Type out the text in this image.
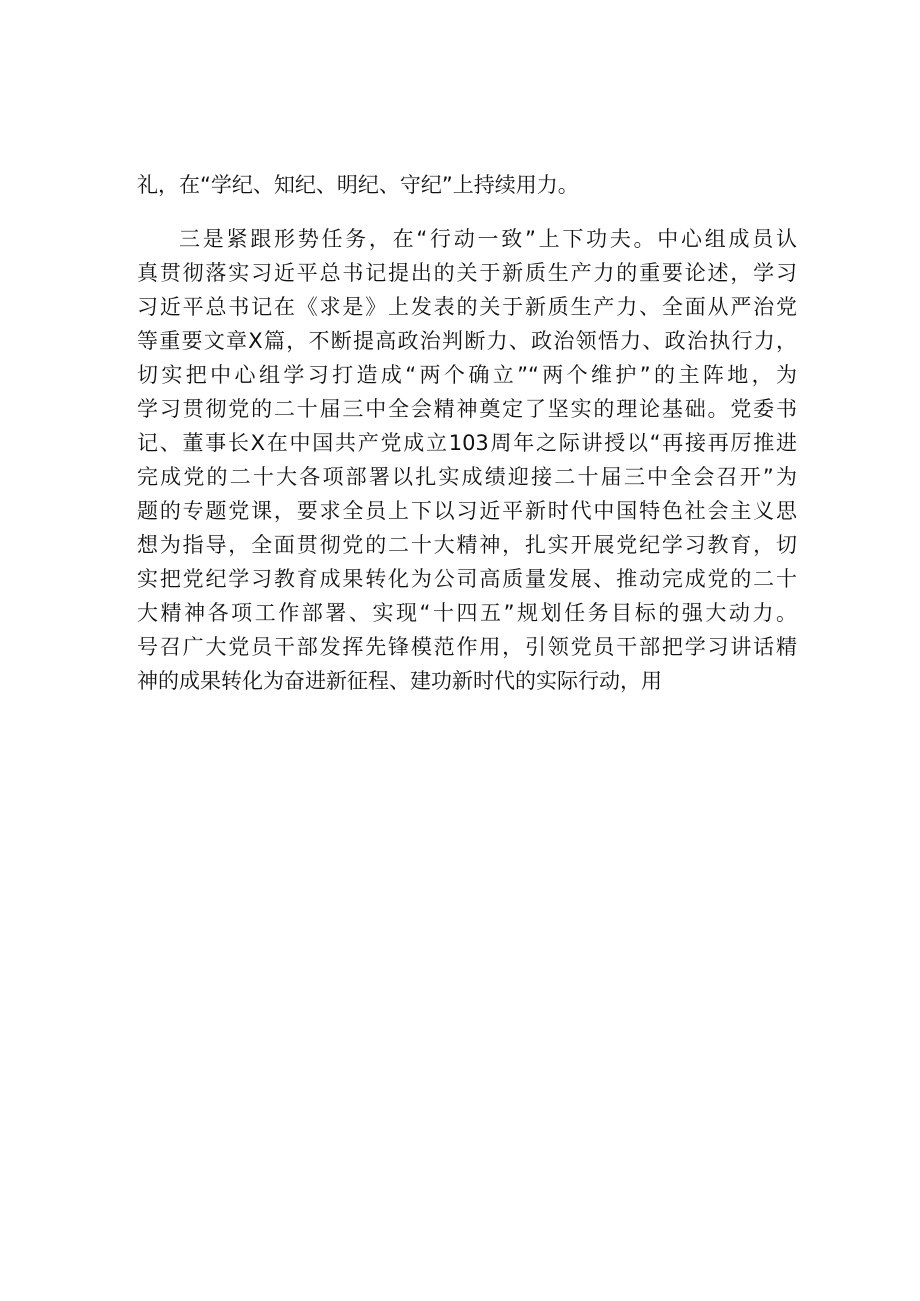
礼，在“学纪、知纪、明纪、守纪”上持续用力。
三是紧跟形势任务，在“行动一致”上下功夫。中心组成员认
真贯彻落实习近平总书记提出的关于新质生产力的重要论述，学习
习近平总书记在《求是》上发表的关于新质生产力、全面从严治党
等重要文章X篇，不断提高政治判断力、政治领悟力、政治执行力，
切实把中心组学习打造成“两个确立”“两个维护”的主阵地，为
学习贯彻党的二十届三中全会精神奠定了坚实的理论基础。党委书
记、董事长X在中国共产党成立103周年之际讲授以“再接再厉推进
完成党的二十大各项部署以扎实成绩迎接二十届三中全会召开”为
题的专题党课，要求全员上下以习近平新时代中国特色社会主义思
想为指导，全面贯彻党的二十大精神，扎实开展党纪学习教育，切
实把党纪学习教育成果转化为公司高质量发展、推动完成党的二十
大精神各项工作部署、实现“十四五”规划任务目标的强大动力。
号召广大党员干部发挥先锋模范作用，引领党员干部把学习讲话精
神的成果转化为奋进新征程、建功新时代的实际行动，用
